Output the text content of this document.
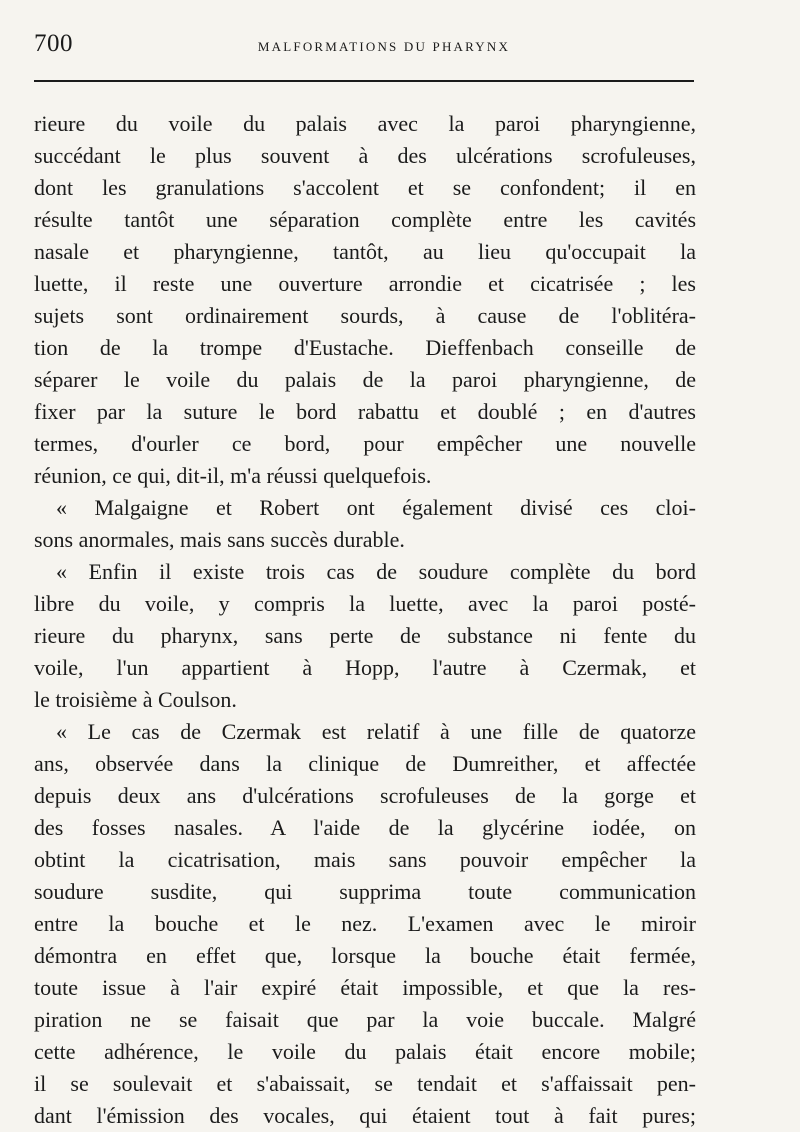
700	MALFORMATIONS DU PHARYNX
rieure du voile du palais avec la paroi pharyngienne,
succédant le plus souvent à des ulcérations scrofuleuses,
dont les granulations s'accolent et se confondent; il en
résulte tantôt une séparation complète entre les cavités
nasale et pharyngienne, tantôt, au lieu qu'occupait la
luette, il reste une ouverture arrondie et cicatrisée ; les
sujets sont ordinairement sourds, à cause de l'oblitéra-
tion de la trompe d'Eustache. Dieffenbach conseille de
séparer le voile du palais de la paroi pharyngienne, de
fixer par la suture le bord rabattu et doublé ; en d'autres
termes, d'ourler ce bord, pour empêcher une nouvelle
réunion, ce qui, dit-il, m'a réussi quelquefois.
« Malgaigne et Robert ont également divisé ces cloi-
sons anormales, mais sans succès durable.
« Enfin il existe trois cas de soudure complète du bord
libre du voile, y compris la luette, avec la paroi posté-
rieure du pharynx, sans perte de substance ni fente du
voile, l'un appartient à Hopp, l'autre à Czermak, et
le troisième à Coulson.
« Le cas de Czermak est relatif à une fille de quatorze
ans, observée dans la clinique de Dumreither, et affectée
depuis deux ans d'ulcérations scrofuleuses de la gorge et
des fosses nasales. A l'aide de la glycérine iodée, on
obtint la cicatrisation, mais sans pouvoir empêcher la
soudure susdite, qui supprima toute communication
entre la bouche et le nez. L'examen avec le miroir
démontra en effet que, lorsque la bouche était fermée,
toute issue à l'air expiré était impossible, et que la res-
piration ne se faisait que par la voie buccale. Malgré
cette adhérence, le voile du palais était encore mobile;
il se soulevait et s'abaissait, se tendait et s'affaissait pen-
dant l'émission des vocales, qui étaient tout à fait pures;
